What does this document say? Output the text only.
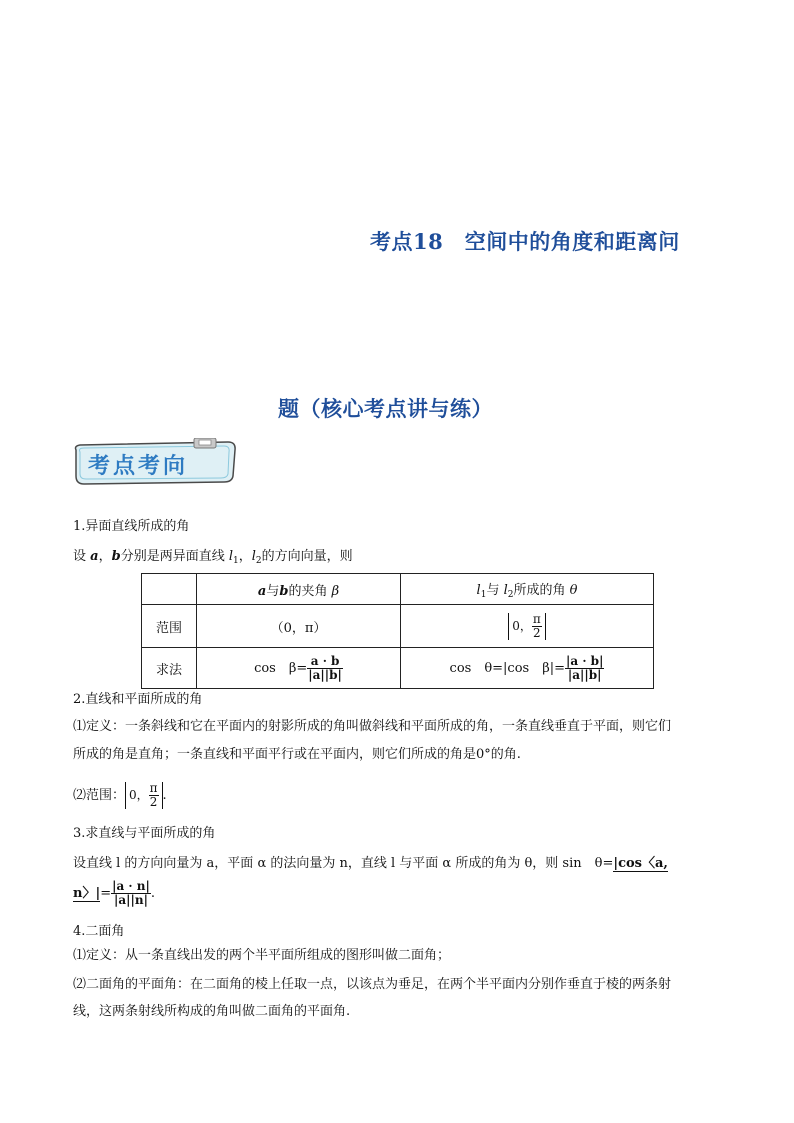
考点18　空间中的角度和距离问
题（核心考点讲与练）
考点考向
1.异面直线所成的角
设 a，b分别是两异面直线 $l_1$，$l_2$的方向向量，则
	a与b的夹角 β	$l_1$与 $l_2$所成的角 θ
范围	（0，π）	0， $\frac{\pi}{2}$

求法	cos　$\beta= \frac{a \cdot b}{|a||b|}$	cos　θ=|cos　$\beta|= \frac{|a \cdot b|}{|a||b|}$
2.直线和平面所成的角
⑴定义：一条斜线和它在平面内的射影所成的角叫做斜线和平面所成的角，一条直线垂直于平面，则它们
所成的角是直角；一条直线和平面平行或在平面内，则它们所成的角是0°的角.
⑵范围： 0， $\frac{\pi}{2}$ .
3.求直线与平面所成的角
设直线 l 的方向向量为 a，平面 α 的法向量为 n，直线 l 与平面 α 所成的角为 θ，则 sin　θ=|cos〈a,
n〉|= $\frac{|a \cdot n|}{|a||n|}$ .
4.二面角
⑴定义：从一条直线出发的两个半平面所组成的图形叫做二面角；
⑵二面角的平面角：在二面角的棱上任取一点，以该点为垂足，在两个半平面内分别作垂直于棱的两条射
线，这两条射线所构成的角叫做二面角的平面角.
